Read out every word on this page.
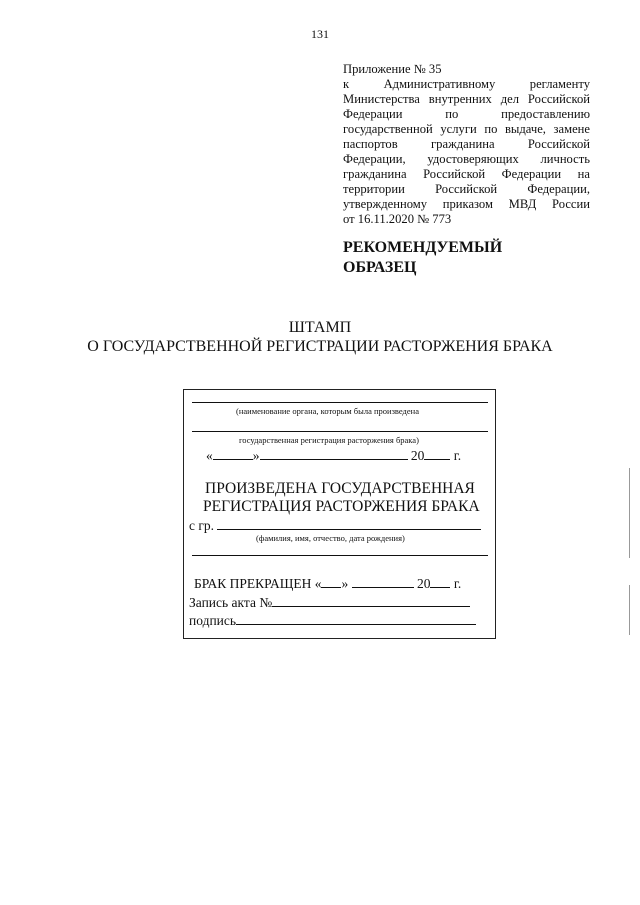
131
Приложение № 35
к Административному регламенту
Министерства внутренних дел Российской
Федерации по предоставлению
государственной услуги по выдаче, замене
паспортов гражданина Российской
Федерации, удостоверяющих личность
гражданина Российской Федерации на
территории Российской Федерации,
утвержденному приказом МВД России
от 16.11.2020 № 773
РЕКОМЕНДУЕМЫЙ
ОБРАЗЕЦ
ШТАМП
О ГОСУДАРСТВЕННОЙ РЕГИСТРАЦИИ РАСТОРЖЕНИЯ БРАКА
(наименование органа, которым была произведена
государственная регистрация расторжения брака)
«	»	20 г.
ПРОИЗВЕДЕНА ГОСУДАРСТВЕННАЯ
РЕГИСТРАЦИЯ РАСТОРЖЕНИЯ БРАКА
с гр.
(фамилия, имя, отчество, дата рождения)
БРАК ПРЕКРАЩЕН « »	20 г.
Запись акта №
подпись
